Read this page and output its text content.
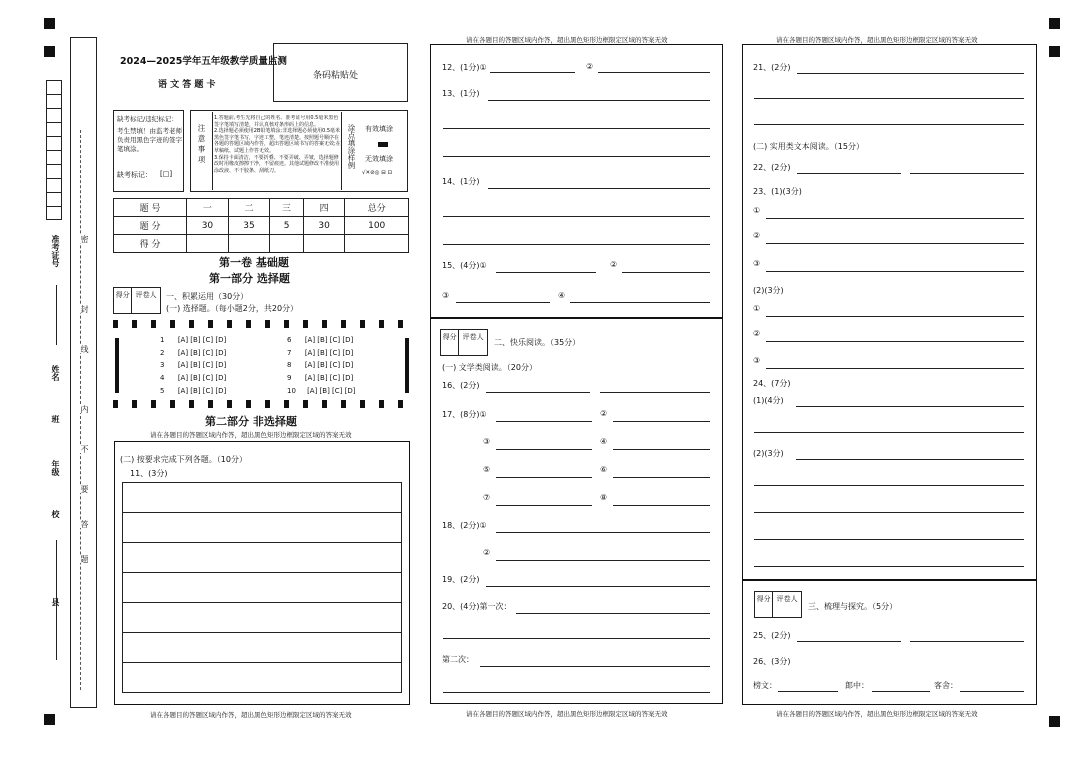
准考证号
姓名
班
年级
校
县
密
封
线
内
不
要
答
题
2024—2025学年五年级教学质量监测
语 文 答 题 卡
条码粘贴处
缺考标记/违纪标记：
考生禁填！由监考老师负责用黑色字迹的签字笔填涂。
缺考标记： [□]
注意事项
1.答题前,考生先将自己的姓名、准考证号用0.5毫米黑色签字笔填写清楚，并认真核对条形码上的信息。
2.选择题必须使用2B铅笔填涂;非选择题必须使用0.5毫米黑色签字笔书写，字迹工整，笔迹清楚。按照题号顺序在各题的答题区域内作答，超出答题区域书写的答案无效;在草稿纸、试题上作答无效。
3.保持卡面清洁，不要折叠、不要弄破、弄皱，选择题修改时用橡皮擦擦干净，不留痕迹。其他试题修改不准使用涂改液、不干胶条、刮纸刀。
涂点填涂样例 有效填涂
无效填涂
√✕⊘◎ ⊟ ⊡
题 号	一	二	三	四	总分
题 分	30	35	5	30	100
得 分					
第一卷 基础题
第一部分 选择题
得分 评卷人	一、积累运用（30分）
(一) 选择题。（每小题2分，共20分）
1 [A] [B] [C] [D]
2 [A] [B] [C] [D]
3 [A] [B] [C] [D]
4 [A] [B] [C] [D]
5 [A] [B] [C] [D]
6 [A] [B] [C] [D]
7 [A] [B] [C] [D]
8 [A] [B] [C] [D]
9 [A] [B] [C] [D]
10 [A] [B] [C] [D]
第二部分 非选择题
请在各题目的答题区域内作答，超出黑色矩形边框限定区域的答案无效
(二) 按要求完成下列各题。（10分）
11、(3分)
请在各题目的答题区域内作答，超出黑色矩形边框限定区域的答案无效
请在各题目的答题区域内作答，超出黑色矩形边框限定区域的答案无效
12、(1分)①	②
13、(1分)
14、(1分)
15、(4分)①	②
③	④
得分 评卷人
二、快乐阅读。（35分）
(一) 文学类阅读。（20分）
16、(2分)
17、(8分)①	②
③	④
⑤	⑥
⑦	⑧
18、(2分)①
②
19、(2分)
20、(4分)第一次：
第二次：
请在各题目的答题区域内作答，超出黑色矩形边框限定区域的答案无效
请在各题目的答题区域内作答，超出黑色矩形边框限定区域的答案无效
21、(2分)
(二) 实用类文本阅读。（15分）
22、(2分)
23、(1)(3分)
①
②
③
(2)(3分)
①
②
③
24、(7分)
(1)(4分)
(2)(3分)
得分 评卷人
三、梳理与探究。（5分）
25、(2分)
26、(3分)
榜文：	郎中：	客舍：
请在各题目的答题区域内作答，超出黑色矩形边框限定区域的答案无效
